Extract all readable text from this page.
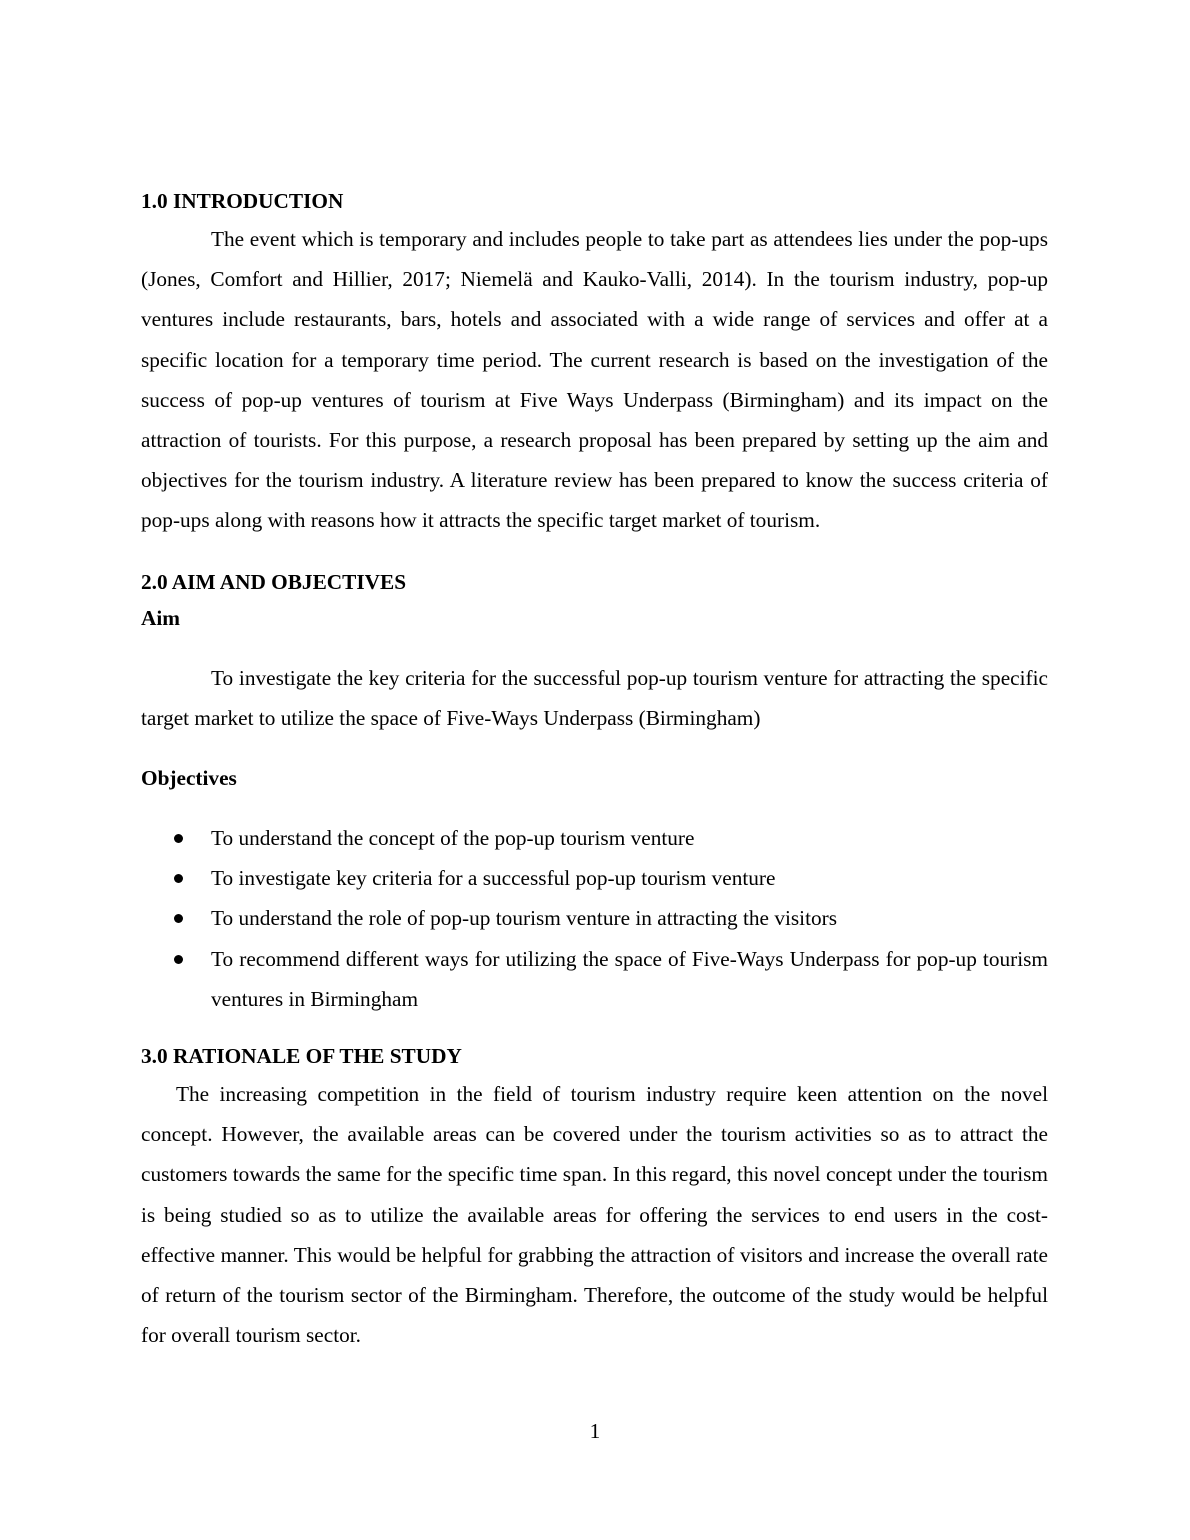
1.0 INTRODUCTION

The event which is temporary and includes people to take part as attendees lies under the pop-ups (Jones, Comfort and Hillier, 2017; Niemelä and Kauko-Valli, 2014). In the tourism industry, pop-up ventures include restaurants, bars, hotels and associated with a wide range of services and offer at a specific location for a temporary time period. The current research is based on the investigation of the success of pop-up ventures of tourism at Five Ways Underpass (Birmingham) and its impact on the attraction of tourists. For this purpose, a research proposal has been prepared by setting up the aim and objectives for the tourism industry. A literature review has been prepared to know the success criteria of pop-ups along with reasons how it attracts the specific target market of tourism.

2.0 AIM AND OBJECTIVES
Aim

To investigate the key criteria for the successful pop-up tourism venture for attracting the specific target market to utilize the space of Five-Ways Underpass (Birmingham)

Objectives
To understand the concept of the pop-up tourism venture
To investigate key criteria for a successful pop-up tourism venture
To understand the role of pop-up tourism venture in attracting the visitors
To recommend different ways for utilizing the space of Five-Ways Underpass for pop-up tourism ventures in Birmingham
3.0 RATIONALE OF THE STUDY

The increasing competition in the field of tourism industry require keen attention on the novel concept. However, the available areas can be covered under the tourism activities so as to attract the customers towards the same for the specific time span. In this regard, this novel concept under the tourism is being studied so as to utilize the available areas for offering the services to end users in the cost-effective manner. This would be helpful for grabbing the attraction of visitors and increase the overall rate of return of the tourism sector of the Birmingham. Therefore, the outcome of the study would be helpful for overall tourism sector.

1
